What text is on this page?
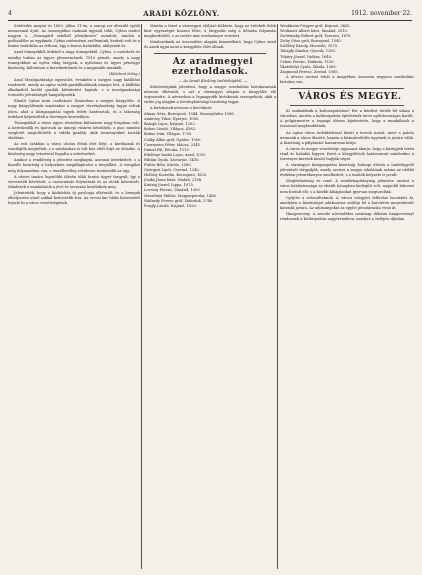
4	ARADI KÖZLÖNY.	1912. november 22.

Sötétedés megint és 1800. július 11-én, a sarogi ver elterülő epülő mezsenmal újult. Az összesgáltas csaknak úgyszól több, Cybus rizalot nagyon a. „Nemagárd sebéből jelentkezeti” mondott. Amilen a próbaidőbe az egyiknek. Cybus intézménei szellemünk, kedveli volt és a fontos határkiba az otthoni, úgy a fontos határkiba, akilyenek és.

Arad tömegekből érdekül a nagy tömegekből. Cybus, a cselekvés és mindig tudom az ügyes pleszerműnek, 1910 pénzét, amely a nagy tömegekben az egész világ tárgyak, a nyilvános és ügyes pénzügyi közösség, különösen a kereskedelmek és a magasabb munkák.

(Kötelező dolog.)

Arad Mezőgazdasági egyesület, évenként a megyei nagy kiállítást rendezett, amely az egész vidék gazdálkodóinak ünnepe lett. A kiállítás alkalmából kiváló gazdák kitüntetést kaptak, s a mezőgazdasági termelés jelentőségét hangsúlyozták.

Elmúlt Cybus mint csatlakozó Tanácsban a megyei közgyűlés. A nagy közgyűlésnek mindenkor a megyei törvényhatóság tagjai voltak jelen, ahol a közigazgatási ügyek felett határoztak, és a lakosság érdekeit képviselték a törvényes keretekben.

Tömegekből a város egyes részeiben különösen nagy forgalom volt. A kereskedők és iparosok az ünnepi vásárra készültek, a piac minden szegletét megtöltötték a vidéki gazdák, akik terményeiket hozták eladásra.

Az esti órákban a város utcáin élénk élet folyt, a kávéházak és vendéglők megteltek, s a színházban is telt ház előtt folyt az előadás. A közönség nagy tetszéssel fogadta a művészeket.

Amikor a rendőrség a jelentést megkapta, azonnal intézkedett, s a kiszállt bizottság a helyszínen megállapította a tényállást. A vizsgálat még folyamatban van, s remélhetőleg rövidesen tisztázódik az ügy.

A városi tanács legutóbbi ülésén több fontos ügyet tárgyalt, így a vízvezeték bővítését, a csatornázás folytatását és az utcák kövezését. Mindezek a munkálatok a jövő év tavaszán kezdődnek meg.

Jelentették, hogy a közkórház új pavilonja elkészült, és a betegek elhelyezése ezzel sokkal kedvezőbb lesz. Az orvosi kar hálás köszönetét fejezte ki a város vezetőségének.

Miután a tüzet a vármegyei elöljáró felkérte, hogy az érdekelt felek közt egyezséget hozzon létre, a tárgyalás még a délután folyamán megkezdődött, s az estére már eredményre vezetett.

Mindezeknek az összesítése alapján kimondható, hogy Cybus Arad és Aradi ágjai most a közgyűlés előtt állnak.

Az aradmegyei ezerholdasok.

— Az Aradi Közlöny tudósítójától. —

Kötelességünk jelenteni, hogy a megye ezerholdas birtokosainak névsora elkészült, s azt a vármegyei alispán a közgyűlés elé terjesztette. A névsorban a legnagyobb birtokosok szerepelnek, akik a virilis jog alapján a törvényhatósági bizottság tagjai.

A birtokosok névsora a következő:

Almay Géza, Borosjenő, 1044. Simonyifalva 1088.

Ambrózy Tibor, Eperjes, 1080.

Balogh Lajos, Kisjenő, 1202.

Bohus László, Világos, 4382.

Bohus Iván, Világos, 1755.

Csáky Albin gróf, Ópálos, 1900.

Csernovics Péter, Mácsa, 2345.

Dániel Pál, Pécska, 1110.

Edelényi Szabó Lajos, Arad, 1031.

Fábián Gyula, Kisvarjas, 1430.

Fráter Béla, Kürtös, 1560.

Györgyei Lipót, Csermő, 1240.

Hollósy Kornélia, Borosjenő, 1620.

Jósika János báró, Nadab, 2108.

Kintzig József, Lippa, 1075.

Lovassy Ferenc, Zimánd, 1300.

Meszlényi Miklós, Magyarpécska, 1460.

Nádasdy Ferenc gróf, Zádorlak, 2740.

Purgly László, Kisjenő, 1820.

Wenkheim Frigyes gróf, Kisjenő, 3420.

Wodianer Albert báró, Simánd, 2010.

Zselénszky Róbert gróf, Ternova, 1870.

Zichy Géza gróf, Borosjenő, 1540.

Szőllősy Károly, Mocsirla, 1075.

Tabajdy Sándor, Gyorok, 1280.

Tüköry József, Vadász, 1640.

Urbán Ferenc, Pankota, 1120.

Vásárhelyi Gyula, Sikula, 1365.

Zsigmond Ferenc, Zerind, 1085.

A névsor szerint tehát a megyében összesen negyven ezerholdas birtokos van.

VÁROS ÉS MEGYE.

Ki szabadítsák a kultuszpalotára? Ezt a kérdést tették fel sokan a városban, amióta a kultuszpalota építésének terve nyilvánosságra került. A polgármester a tegnapi ülésen kijelentette, hogy a munkálatok a tavasszal megkezdődnek.

Az egész város érdeklődéssel kíséri a tervek sorsát, mert a palota nemcsak a város díszére, hanem a közművelődés ügyének is javára válik. A bizottság a pályázatot hamarosan kiírja.

A város és megye vezetősége ugyanazt akarja: hogy a közügyek terén rend és haladás legyen. Ezért a közgyűlések határozatait mindenkor a törvényes keretek között hajtják végre.

A vármegyei közigazgatási bizottság holnapi ülésén a tanfelügyelő jelentését tárgyalják, amely szerint a megye iskoláinak száma az utóbbi években jelentékenyen emelkedett, s a tanítók helyzete is javult.

Megbízhatóság és rend. A rendőrkapitányság jelentése szerint a város közbiztonsága az elmúlt hónapban kielégítő volt, nagyobb bűneset nem fordult elő, s a kisebb kihágásokat gyorsan megtorolták.

Gyűjtés a sebesülteknek. A városi nőegylet felhívást bocsátott ki, amelyben a közönséget adakozásra szólítja fel a harctéren megsebesült katonák javára. Az adományokat az egylet pénztárnoka veszi át.

Hangverseny. A zenede növendékei vasárnap délután hangversenyt rendeznek a Kultúrpalota nagytermében, amelyre a belépés díjtalan.
